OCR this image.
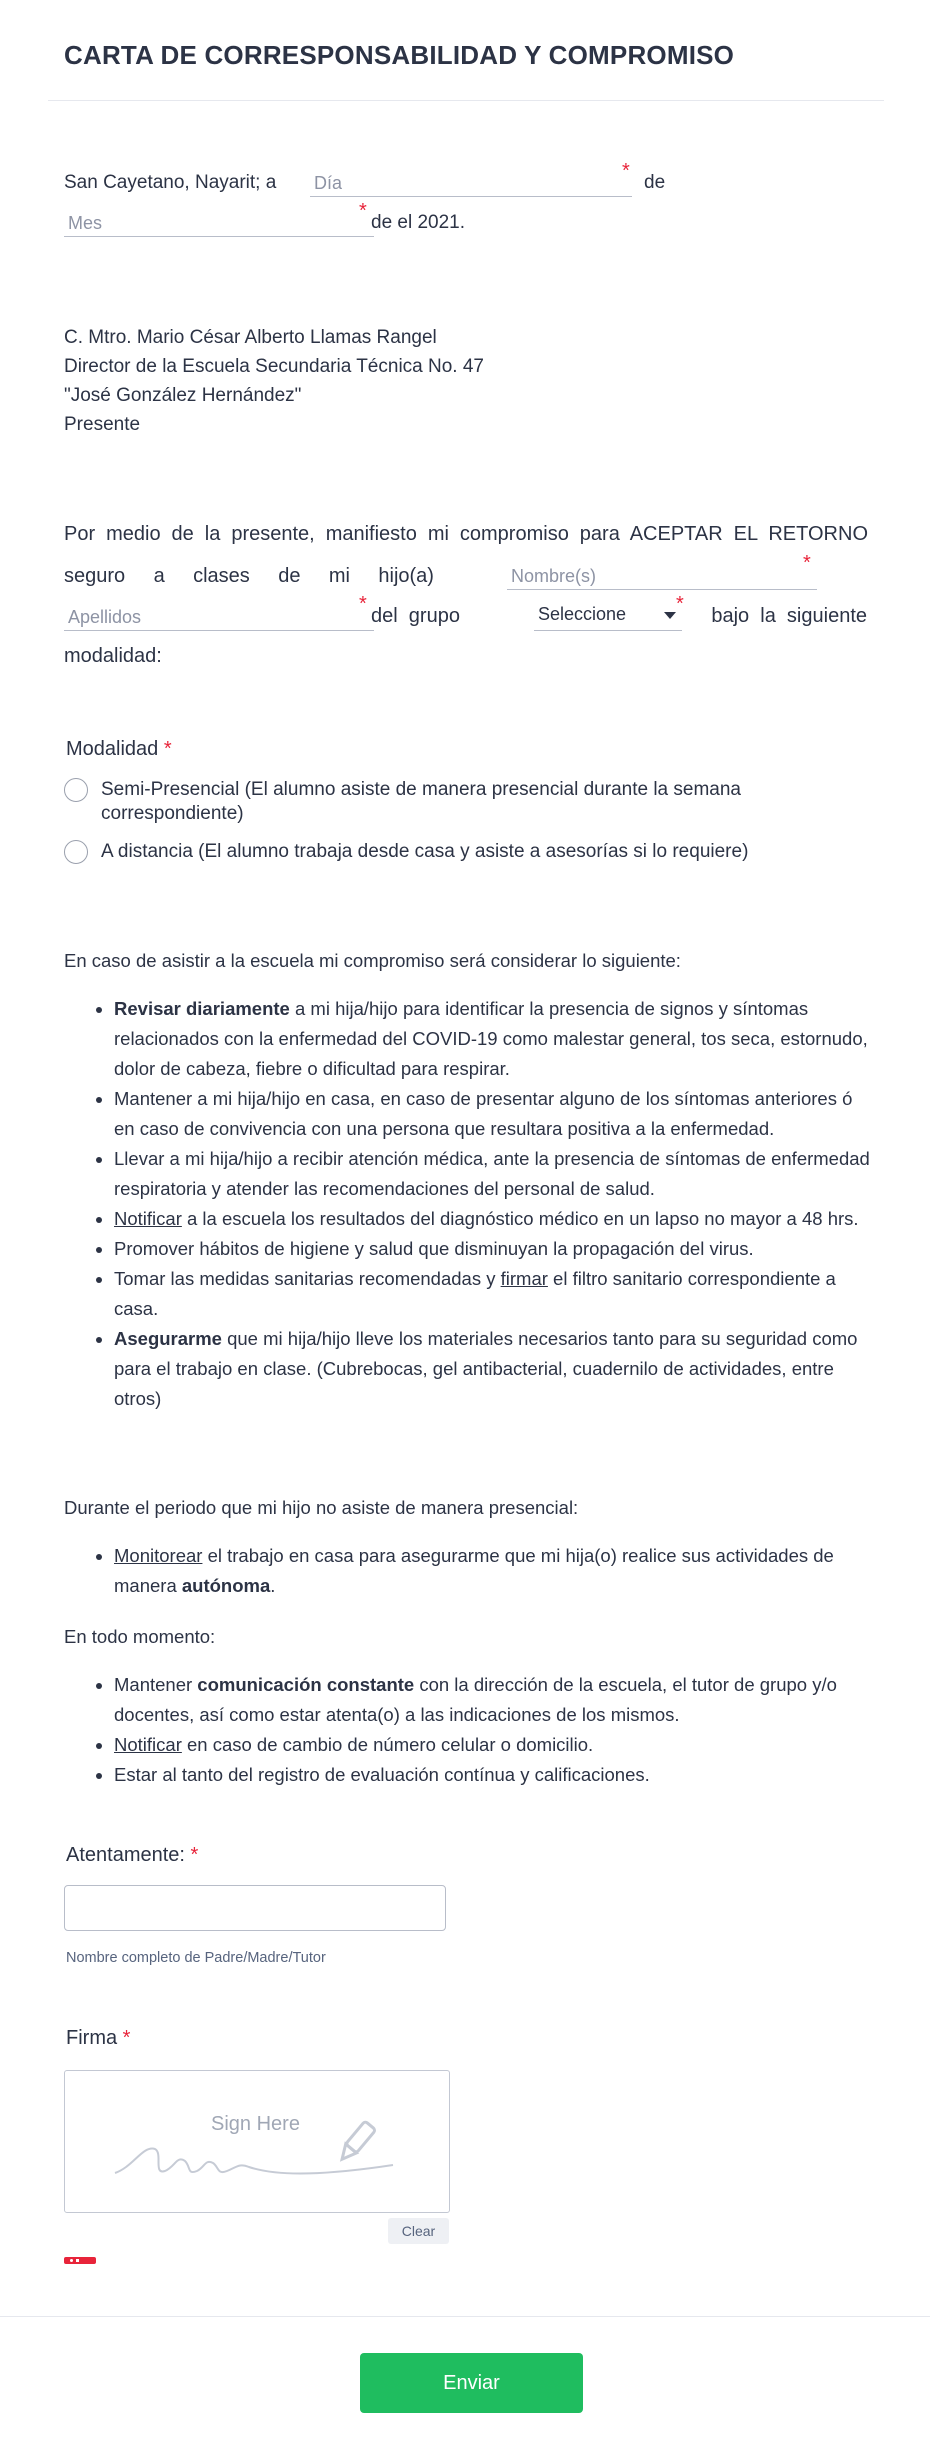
CARTA DE CORRESPONSABILIDAD Y COMPROMISO
San Cayetano, Nayarit; a
Día
*
de
Mes
*
de el 2021.
C. Mtro. Mario César Alberto Llamas Rangel
Director de la Escuela Secundaria Técnica No. 47
"José González Hernández"
Presente
Por medio de la presente, manifiesto mi compromiso para ACEPTAR EL RETORNO
seguro a clases de mi hijo(a)
Nombre(s)
*
Apellidos
*
del  grupo	Seleccione	*
bajo  la  siguiente
modalidad:
Modalidad *
Semi-Presencial (El alumno asiste de manera presencial durante la semana
correspondiente)
A distancia (El alumno trabaja desde casa y asiste a asesorías si lo requiere)
En caso de asistir a la escuela mi compromiso será considerar lo siguiente:
• Revisar diariamente a mi hija/hijo para identificar la presencia de signos y síntomas relacionados con la enfermedad del COVID-19 como malestar general, tos seca, estornudo, dolor de cabeza, fiebre o dificultad para respirar.
• Mantener a mi hija/hijo en casa, en caso de presentar alguno de los síntomas anteriores ó en caso de convivencia con una persona que resultara positiva a la enfermedad.
• Llevar a mi hija/hijo a recibir atención médica, ante la presencia de síntomas de enfermedad respiratoria y atender las recomendaciones del personal de salud.
• Notificar a la escuela los resultados del diagnóstico médico en un lapso no mayor a 48 hrs.
• Promover hábitos de higiene y salud que disminuyan la propagación del virus.
• Tomar las medidas sanitarias recomendadas y firmar el filtro sanitario correspondiente a casa.
• Asegurarme que mi hija/hijo lleve los materiales necesarios tanto para su seguridad como para el trabajo en clase. (Cubrebocas, gel antibacterial, cuadernilo de actividades, entre otros)
Durante el periodo que mi hijo no asiste de manera presencial:
• Monitorear el trabajo en casa para asegurarme que mi hija(o) realice sus actividades de manera autónoma.
En todo momento:
• Mantener comunicación constante con la dirección de la escuela, el tutor de grupo y/o docentes, así como estar atenta(o) a las indicaciones de los mismos.
• Notificar en caso de cambio de número celular o domicilio.
• Estar al tanto del registro de evaluación contínua y calificaciones.
Atentamente: *
Nombre completo de Padre/Madre/Tutor
Firma *
Sign Here
Clear
Enviar
